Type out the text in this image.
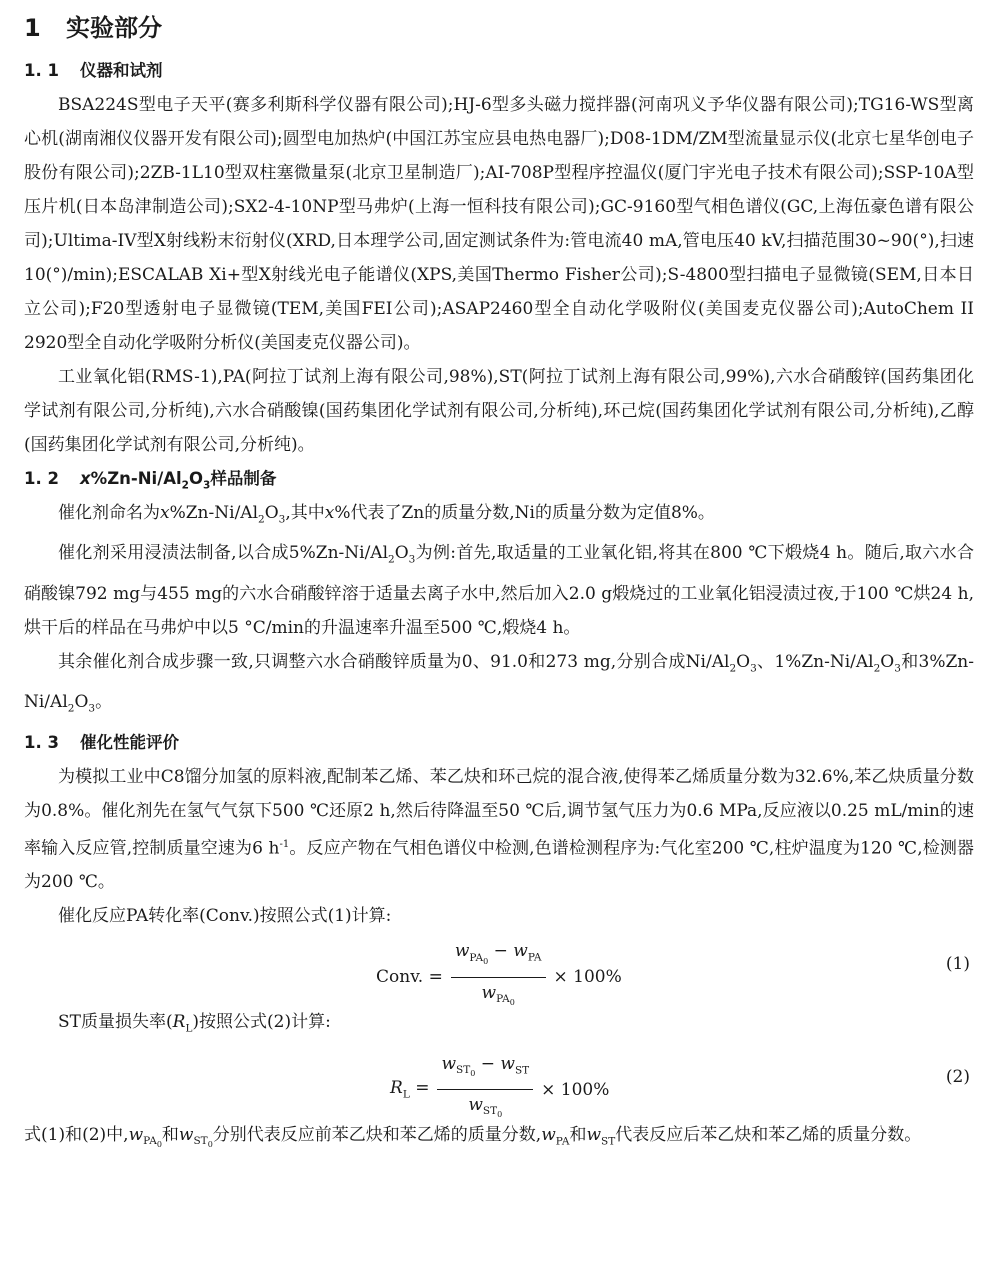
1 实验部分
1. 1 仪器和试剂

BSA224S型电子天平(赛多利斯科学仪器有限公司);HJ-6型多头磁力搅拌器(河南巩义予华仪器有限公司);TG16-WS型离心机(湖南湘仪仪器开发有限公司);圆型电加热炉(中国江苏宝应县电热电器厂);D08-1DM/ZM型流量显示仪(北京七星华创电子股份有限公司);2ZB-1L10型双柱塞微量泵(北京卫星制造厂);AI-708P型程序控温仪(厦门宇光电子技术有限公司);SSP-10A型压片机(日本岛津制造公司);SX2-4-10NP型马弗炉(上海一恒科技有限公司);GC-9160型气相色谱仪(GC,上海伍豪色谱有限公司);Ultima-IV型X射线粉末衍射仪(XRD,日本理学公司,固定测试条件为:管电流40 mA,管电压40 kV,扫描范围30~90(°),扫速10(°)/min);ESCALAB Xi+型X射线光电子能谱仪(XPS,美国Thermo Fisher公司);S-4800型扫描电子显微镜(SEM,日本日立公司);F20型透射电子显微镜(TEM,美国FEI公司);ASAP2460型全自动化学吸附仪(美国麦克仪器公司);AutoChem II 2920型全自动化学吸附分析仪(美国麦克仪器公司)。

工业氧化铝(RMS-1),PA(阿拉丁试剂上海有限公司,98%),ST(阿拉丁试剂上海有限公司,99%),六水合硝酸锌(国药集团化学试剂有限公司,分析纯),六水合硝酸镍(国药集团化学试剂有限公司,分析纯),环己烷(国药集团化学试剂有限公司,分析纯),乙醇(国药集团化学试剂有限公司,分析纯)。

1. 2 $x\%Zn-Ni/Al_2O_3$样品制备

催化剂命名为$x\%Zn-Ni/Al_2O_3$,其中x%代表了Zn的质量分数,Ni的质量分数为定值8%。

催化剂采用浸渍法制备,以合成$5\%Zn-Ni/Al_2O_3$为例:首先,取适量的工业氧化铝,将其在800 ℃下煅烧4 h。随后,取六水合硝酸镍792 mg与455 mg的六水合硝酸锌溶于适量去离子水中,然后加入2.0 g煅烧过的工业氧化铝浸渍过夜,于100 ℃烘24 h,烘干后的样品在马弗炉中以5 °C/min的升温速率升温至500 ℃,煅烧4 h。

其余催化剂合成步骤一致,只调整六水合硝酸锌质量为0、91.0和273 mg,分别合成$Ni/Al_2O_3$、$1\%Zn-Ni/Al_2O_3$和$3\%Zn-Ni/Al_2O_3$。

1. 3 催化性能评价

为模拟工业中C8馏分加氢的原料液,配制苯乙烯、苯乙炔和环己烷的混合液,使得苯乙烯质量分数为32.6%,苯乙炔质量分数为0.8%。催化剂先在氢气气氛下500 ℃还原2 h,然后待降温至50 ℃后,调节氢气压力为0.6 MPa,反应液以0.25 mL/min的速率输入反应管,控制质量空速为6 $h^{-1}$。反应产物在气相色谱仪中检测,色谱检测程序为:气化室200 ℃,柱炉温度为120 ℃,检测器为200 ℃。

催化反应PA转化率(Conv.)按照公式(1)计算:

Conv. = $\frac{w_{PA_0} - w_{PA}}{w_{PA_0}} \times 100\%$
(1)

ST质量损失率$(R_L)$按照公式(2)计算:

$R_L = \frac{w_{ST_0} - w_{ST}}{w_{ST_0}} \times 100\%$
(2)

式(1)和(2)中$,w_{PA_0}$和$w_{ST_0}$分别代表反应前苯乙炔和苯乙烯的质量分数$,w_{PA}$和$w_{ST}$代表反应后苯乙炔和苯乙烯的质量分数。
